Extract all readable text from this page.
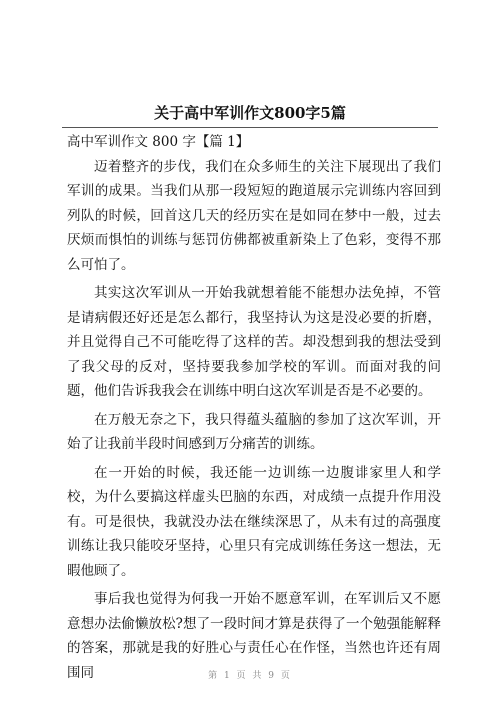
关于高中军训作文800字5篇

高中军训作文 800 字【篇 1】

迈着整齐的步伐，我们在众多师生的关注下展现出了我们军训的成果。当我们从那一段短短的跑道展示完训练内容回到列队的时候，回首这几天的经历实在是如同在梦中一般，过去厌烦而惧怕的训练与惩罚仿佛都被重新染上了色彩，变得不那么可怕了。

其实这次军训从一开始我就想着能不能想办法免掉，不管是请病假还好还是怎么都行，我坚持认为这是没必要的折磨，并且觉得自己不可能吃得了这样的苦。却没想到我的想法受到了我父母的反对，坚持要我参加学校的军训。而面对我的问题，他们告诉我我会在训练中明白这次军训是否是不必要的。

在万般无奈之下，我只得蕴头蕴脑的参加了这次军训，开始了让我前半段时间感到万分痛苦的训练。

在一开始的时候，我还能一边训练一边腹诽家里人和学校，为什么要搞这样虚头巴脑的东西，对成绩一点提升作用没有。可是很快，我就没办法在继续深思了，从未有过的高强度训练让我只能咬牙坚持，心里只有完成训练任务这一想法，无暇他顾了。

事后我也觉得为何我一开始不愿意军训，在军训后又不愿意想办法偷懒放松?想了一段时间才算是获得了一个勉强能解释的答案，那就是我的好胜心与责任心在作怪，当然也许还有周围同	第 1 页 共 9 页
